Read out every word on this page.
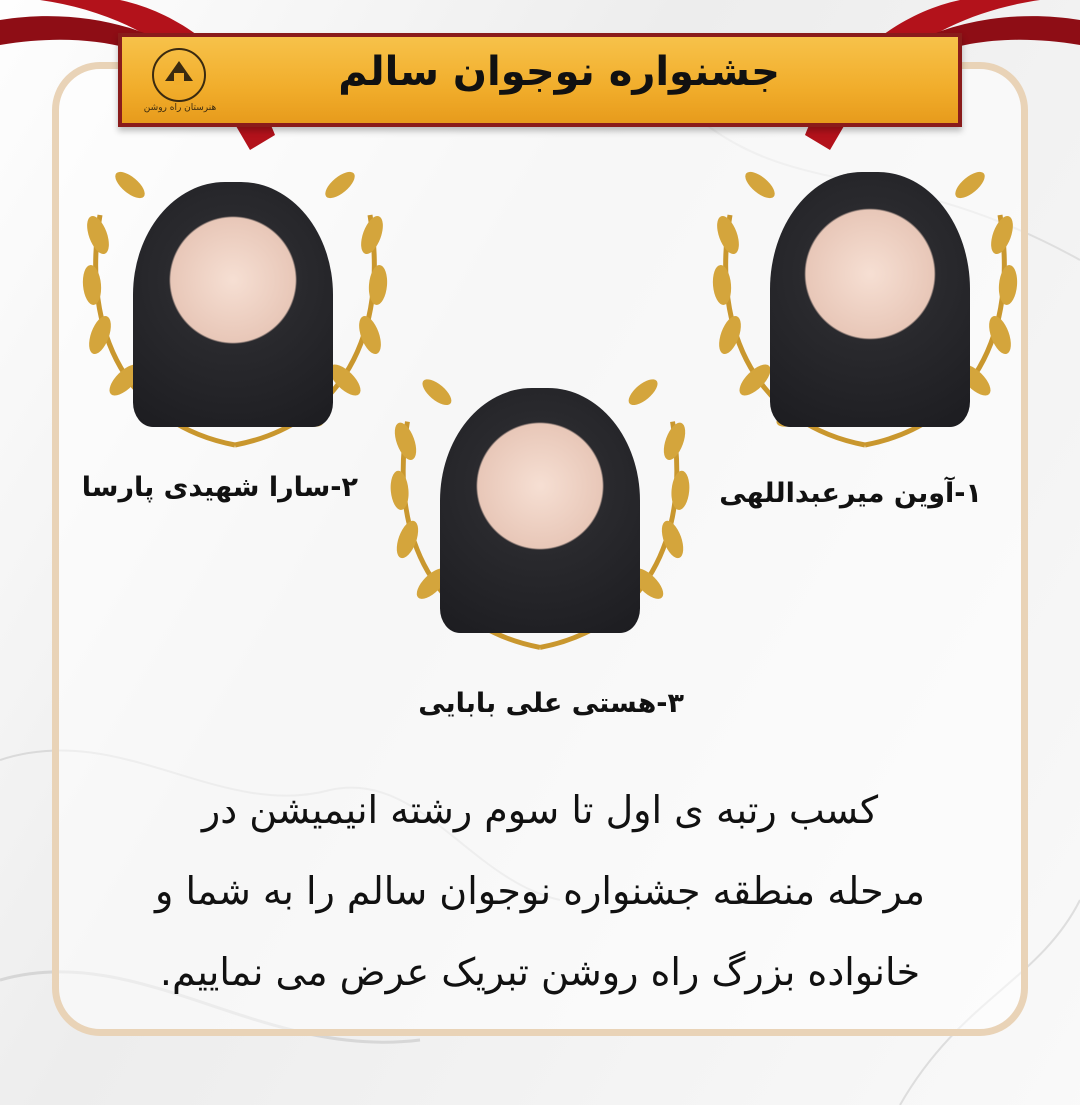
هنرستان راه روشن
جشنواره نوجوان سالم
۱-آوین میرعبداللهی
۲-سارا شهیدی پارسا
۳-هستی علی بابایی
کسب رتبه ی اول تا سوم رشته انیمیشن در
مرحله منطقه جشنواره نوجوان سالم را به شما و
خانواده بزرگ راه روشن تبریک عرض می نماییم.
